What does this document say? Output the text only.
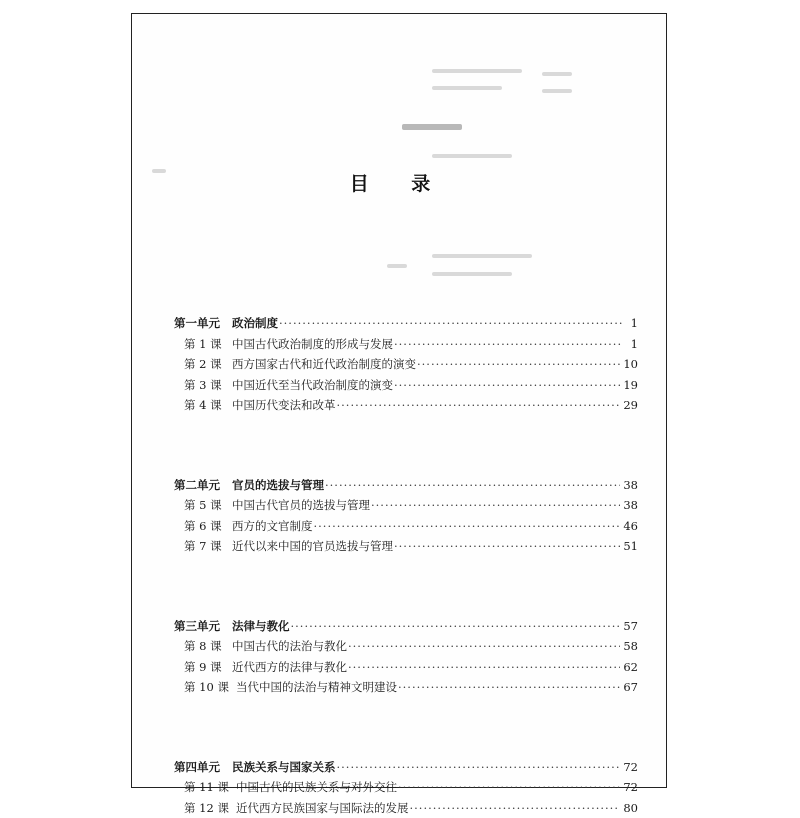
目 录
第一单元	政治制度 ·····	1
第 1 课 中国古代政治制度的形成与发展 ·····	1
第 2 课 西方国家古代和近代政治制度的演变 ·····	10
第 3 课 中国近代至当代政治制度的演变 ·····	19
第 4 课 中国历代变法和改革 ·····	29
第二单元	官员的选拔与管理 ·····	38
第 5 课 中国古代官员的选拔与管理 ·····	38
第 6 课 西方的文官制度 ·····	46
第 7 课 近代以来中国的官员选拔与管理 ·····	51
第三单元	法律与教化 ·····	57
第 8 课 中国古代的法治与教化 ·····	58
第 9 课 近代西方的法律与教化 ·····	62
第 10 课 当代中国的法治与精神文明建设 ·····	67
第四单元	民族关系与国家关系 ·····	72
第 11 课 中国古代的民族关系与对外交往 ·····	72
第 12 课 近代西方民族国家与国际法的发展 ·····	80
